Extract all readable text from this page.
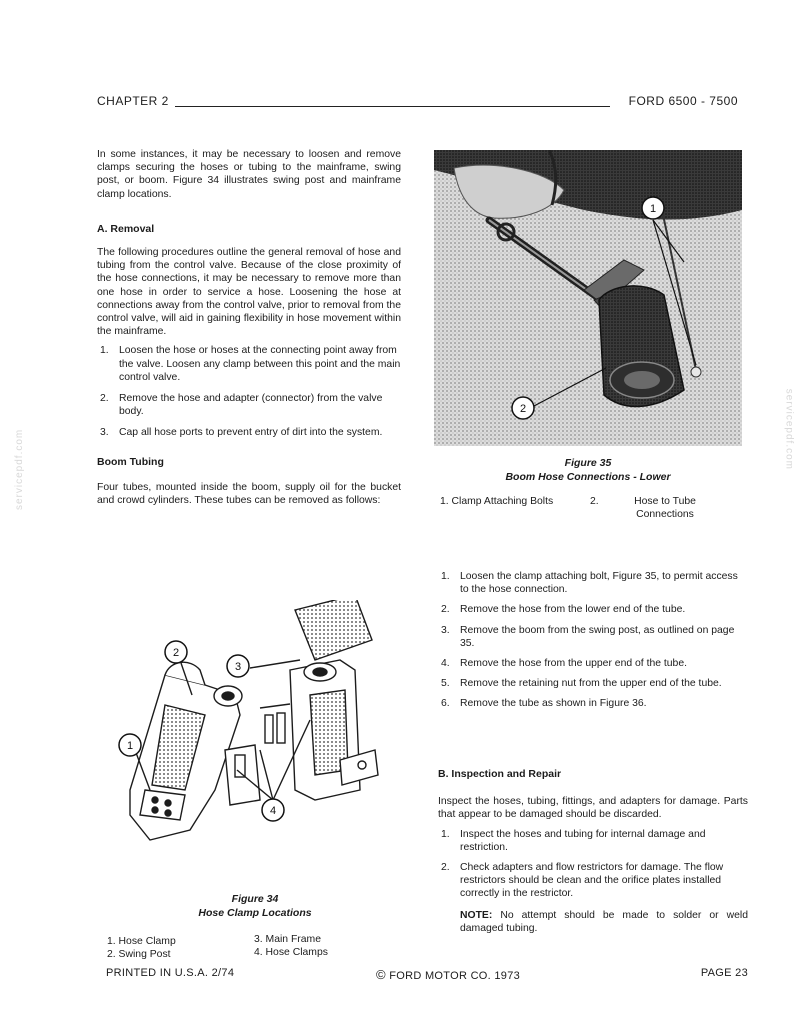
CHAPTER 2	FORD 6500 - 7500

In some instances, it may be necessary to loosen and remove clamps securing the hoses or tubing to the mainframe, swing post, or boom. Figure 34 illustrates swing post and mainframe clamp locations.

A. Removal

The following procedures outline the general removal of hose and tubing from the control valve. Because of the close proximity of the hose connections, it may be necessary to remove more than one hose in order to service a hose. Loosening the hose at connections away from the control valve, prior to removal from the control valve, will aid in gaining flexibility in hose movement within the mainframe.

1. Loosen the hose or hoses at the connecting point away from the valve. Loosen any clamp between this point and the main control valve.
2. Remove the hose and adapter (connector) from the valve body.
3. Cap all hose ports to prevent entry of dirt into the system.

Boom Tubing

Four tubes, mounted inside the boom, supply oil for the bucket and crowd cylinders. These tubes can be removed as follows:

1
2
Figure 35
Boom Hose Connections - Lower
1. Clamp Attaching Bolts	2.	Hose to Tube Connections
1. Loosen the clamp attaching bolt, Figure 35, to permit access to the hose connection.
2. Remove the hose from the lower end of the tube.
3. Remove the boom from the swing post, as outlined on page 35.
4. Remove the hose from the upper end of the tube.
5. Remove the retaining nut from the upper end of the tube.
6. Remove the tube as shown in Figure 36.

B. Inspection and Repair

Inspect the hoses, tubing, fittings, and adapters for damage. Parts that appear to be damaged should be discarded.

1. Inspect the hoses and tubing for internal damage and restriction.
2. Check adapters and flow restrictors for damage. The flow restrictors should be clean and the orifice plates installed correctly in the restrictor.

NOTE: No attempt should be made to solder or weld damaged tubing.

2
3
1
4
Figure 34
Hose Clamp Locations
1. Hose Clamp
2. Swing Post
3. Main Frame
4. Hose Clamps
PRINTED IN U.S.A. 2/74	© FORD MOTOR CO. 1973	PAGE 23
servicepdf.com	servicepdf.com
